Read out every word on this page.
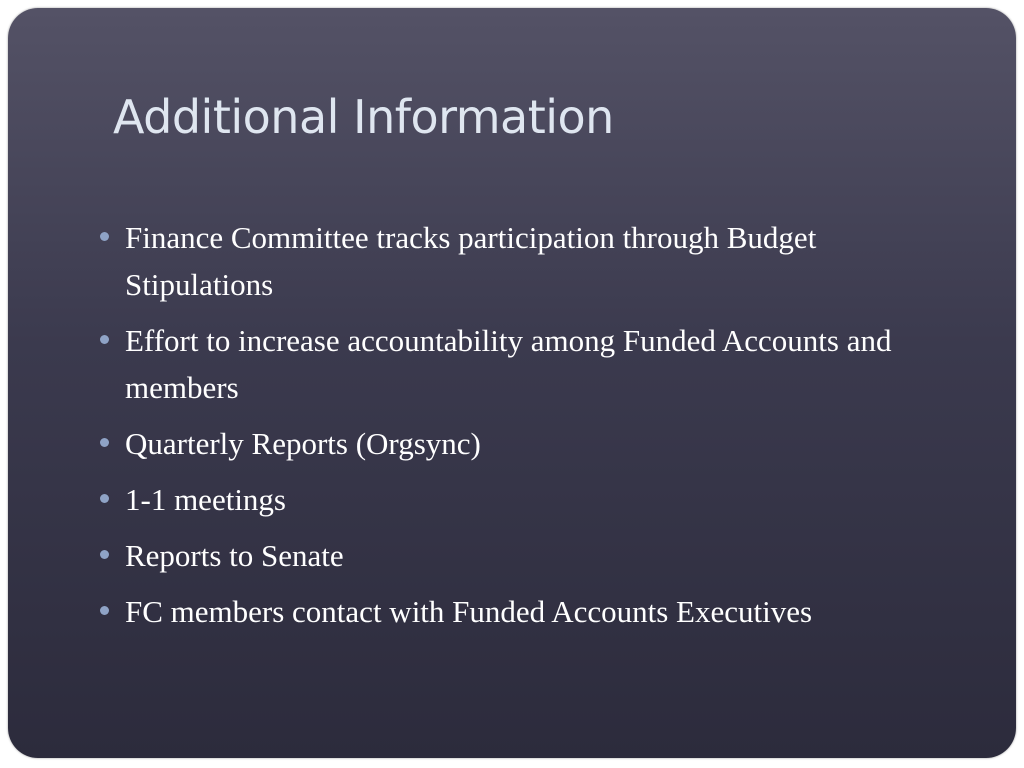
Additional Information
Finance Committee tracks participation through Budget Stipulations
Effort to increase accountability among Funded Accounts and members
Quarterly Reports (Orgsync)
1-1 meetings
Reports to Senate
FC members contact with Funded Accounts Executives
